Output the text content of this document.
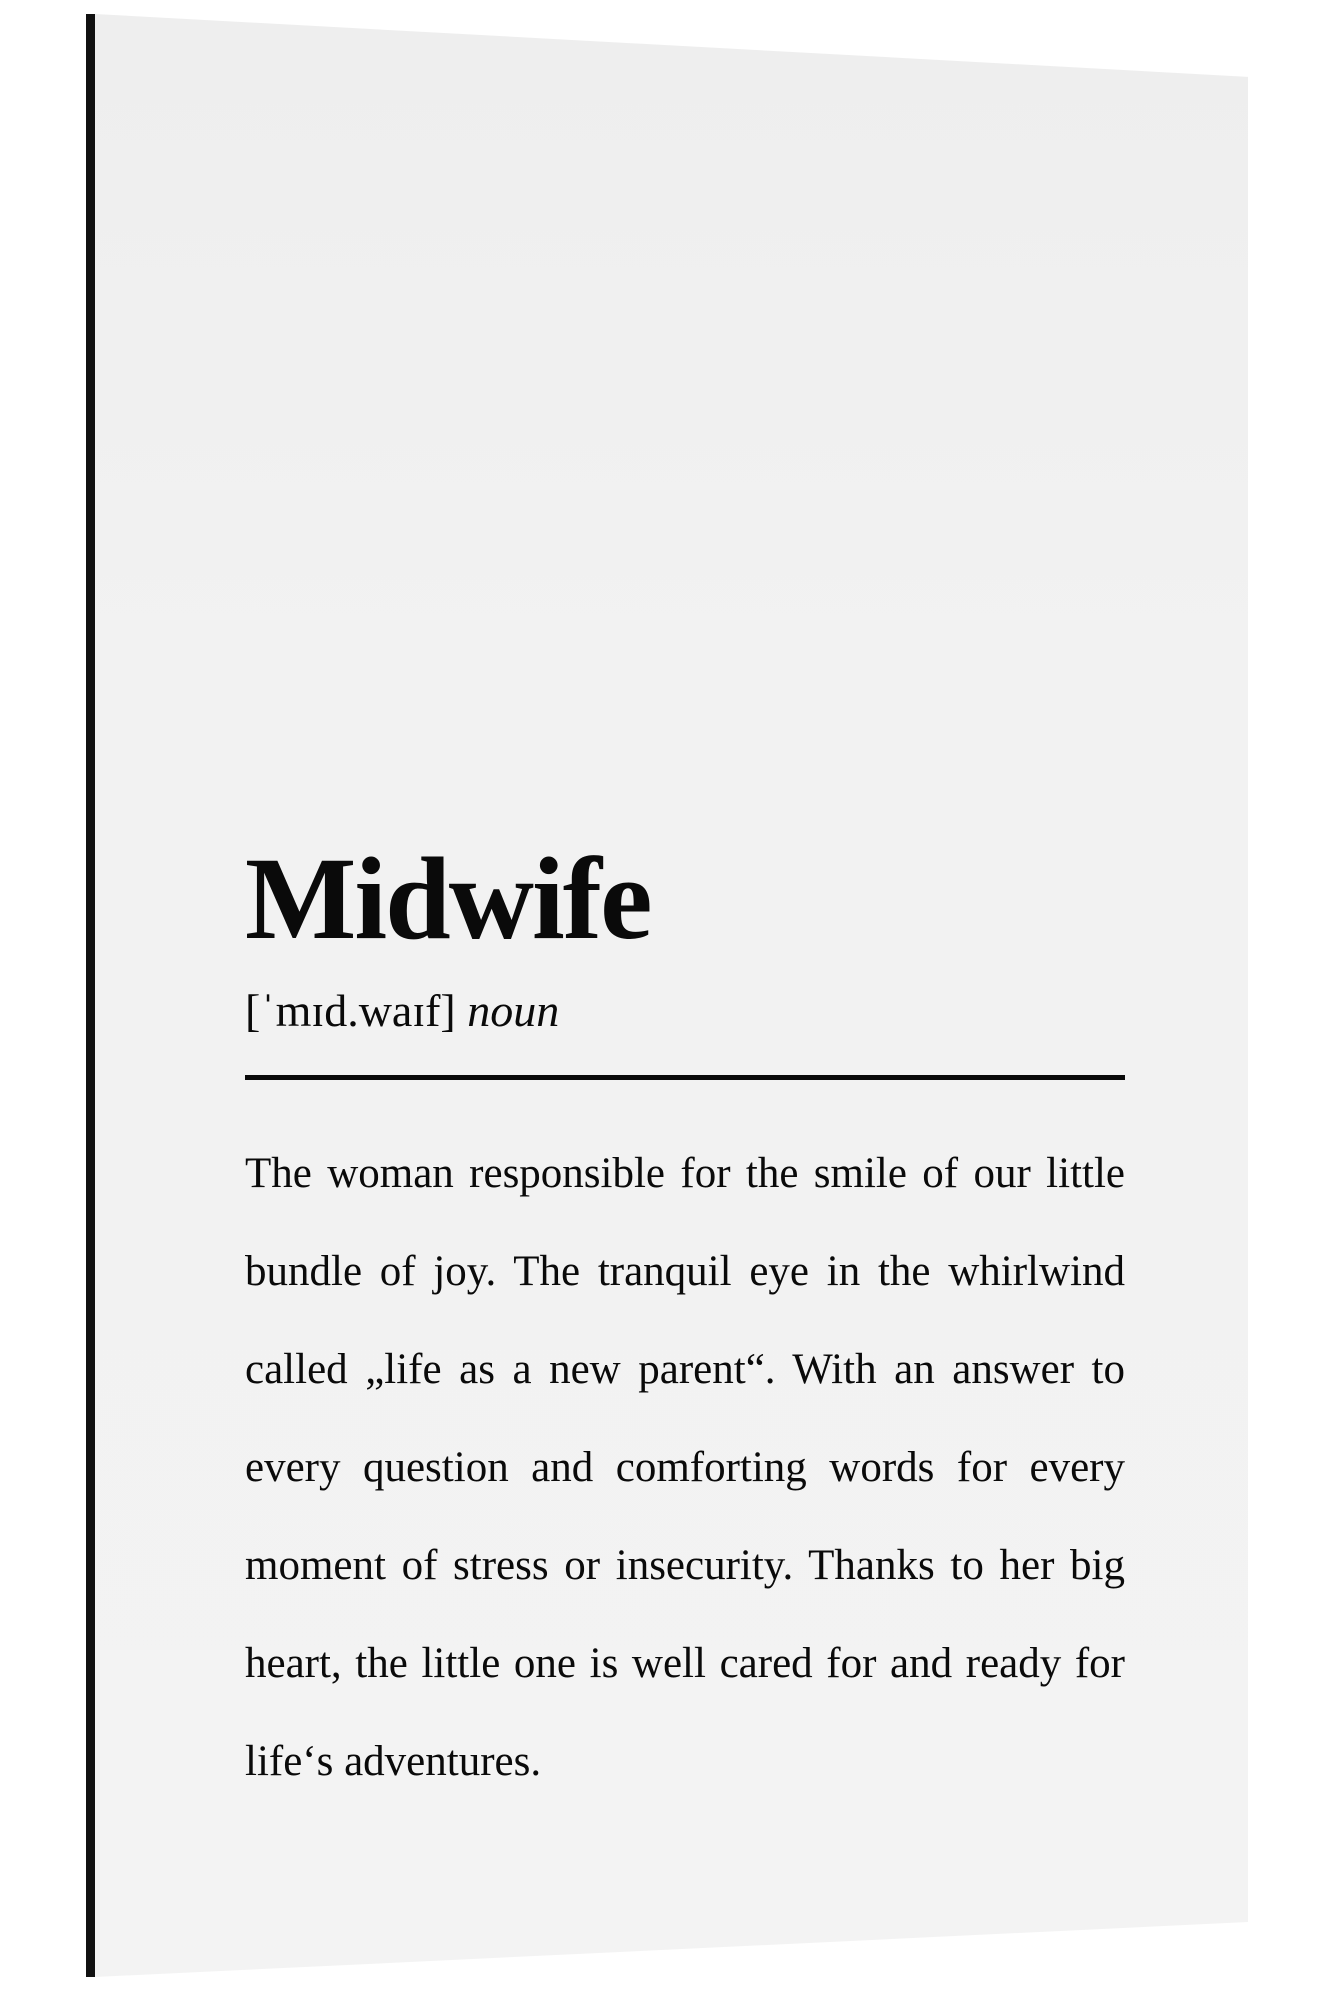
Midwife
[ˈmɪd.waɪf] noun

The woman responsible for the smile of our little bundle of joy. The tranquil eye in the whirlwind called „life as a new parent“. With an answer to every question and comforting words for every moment of stress or insecurity. Thanks to her big heart, the little one is well cared for and ready for life‘s adventures.
